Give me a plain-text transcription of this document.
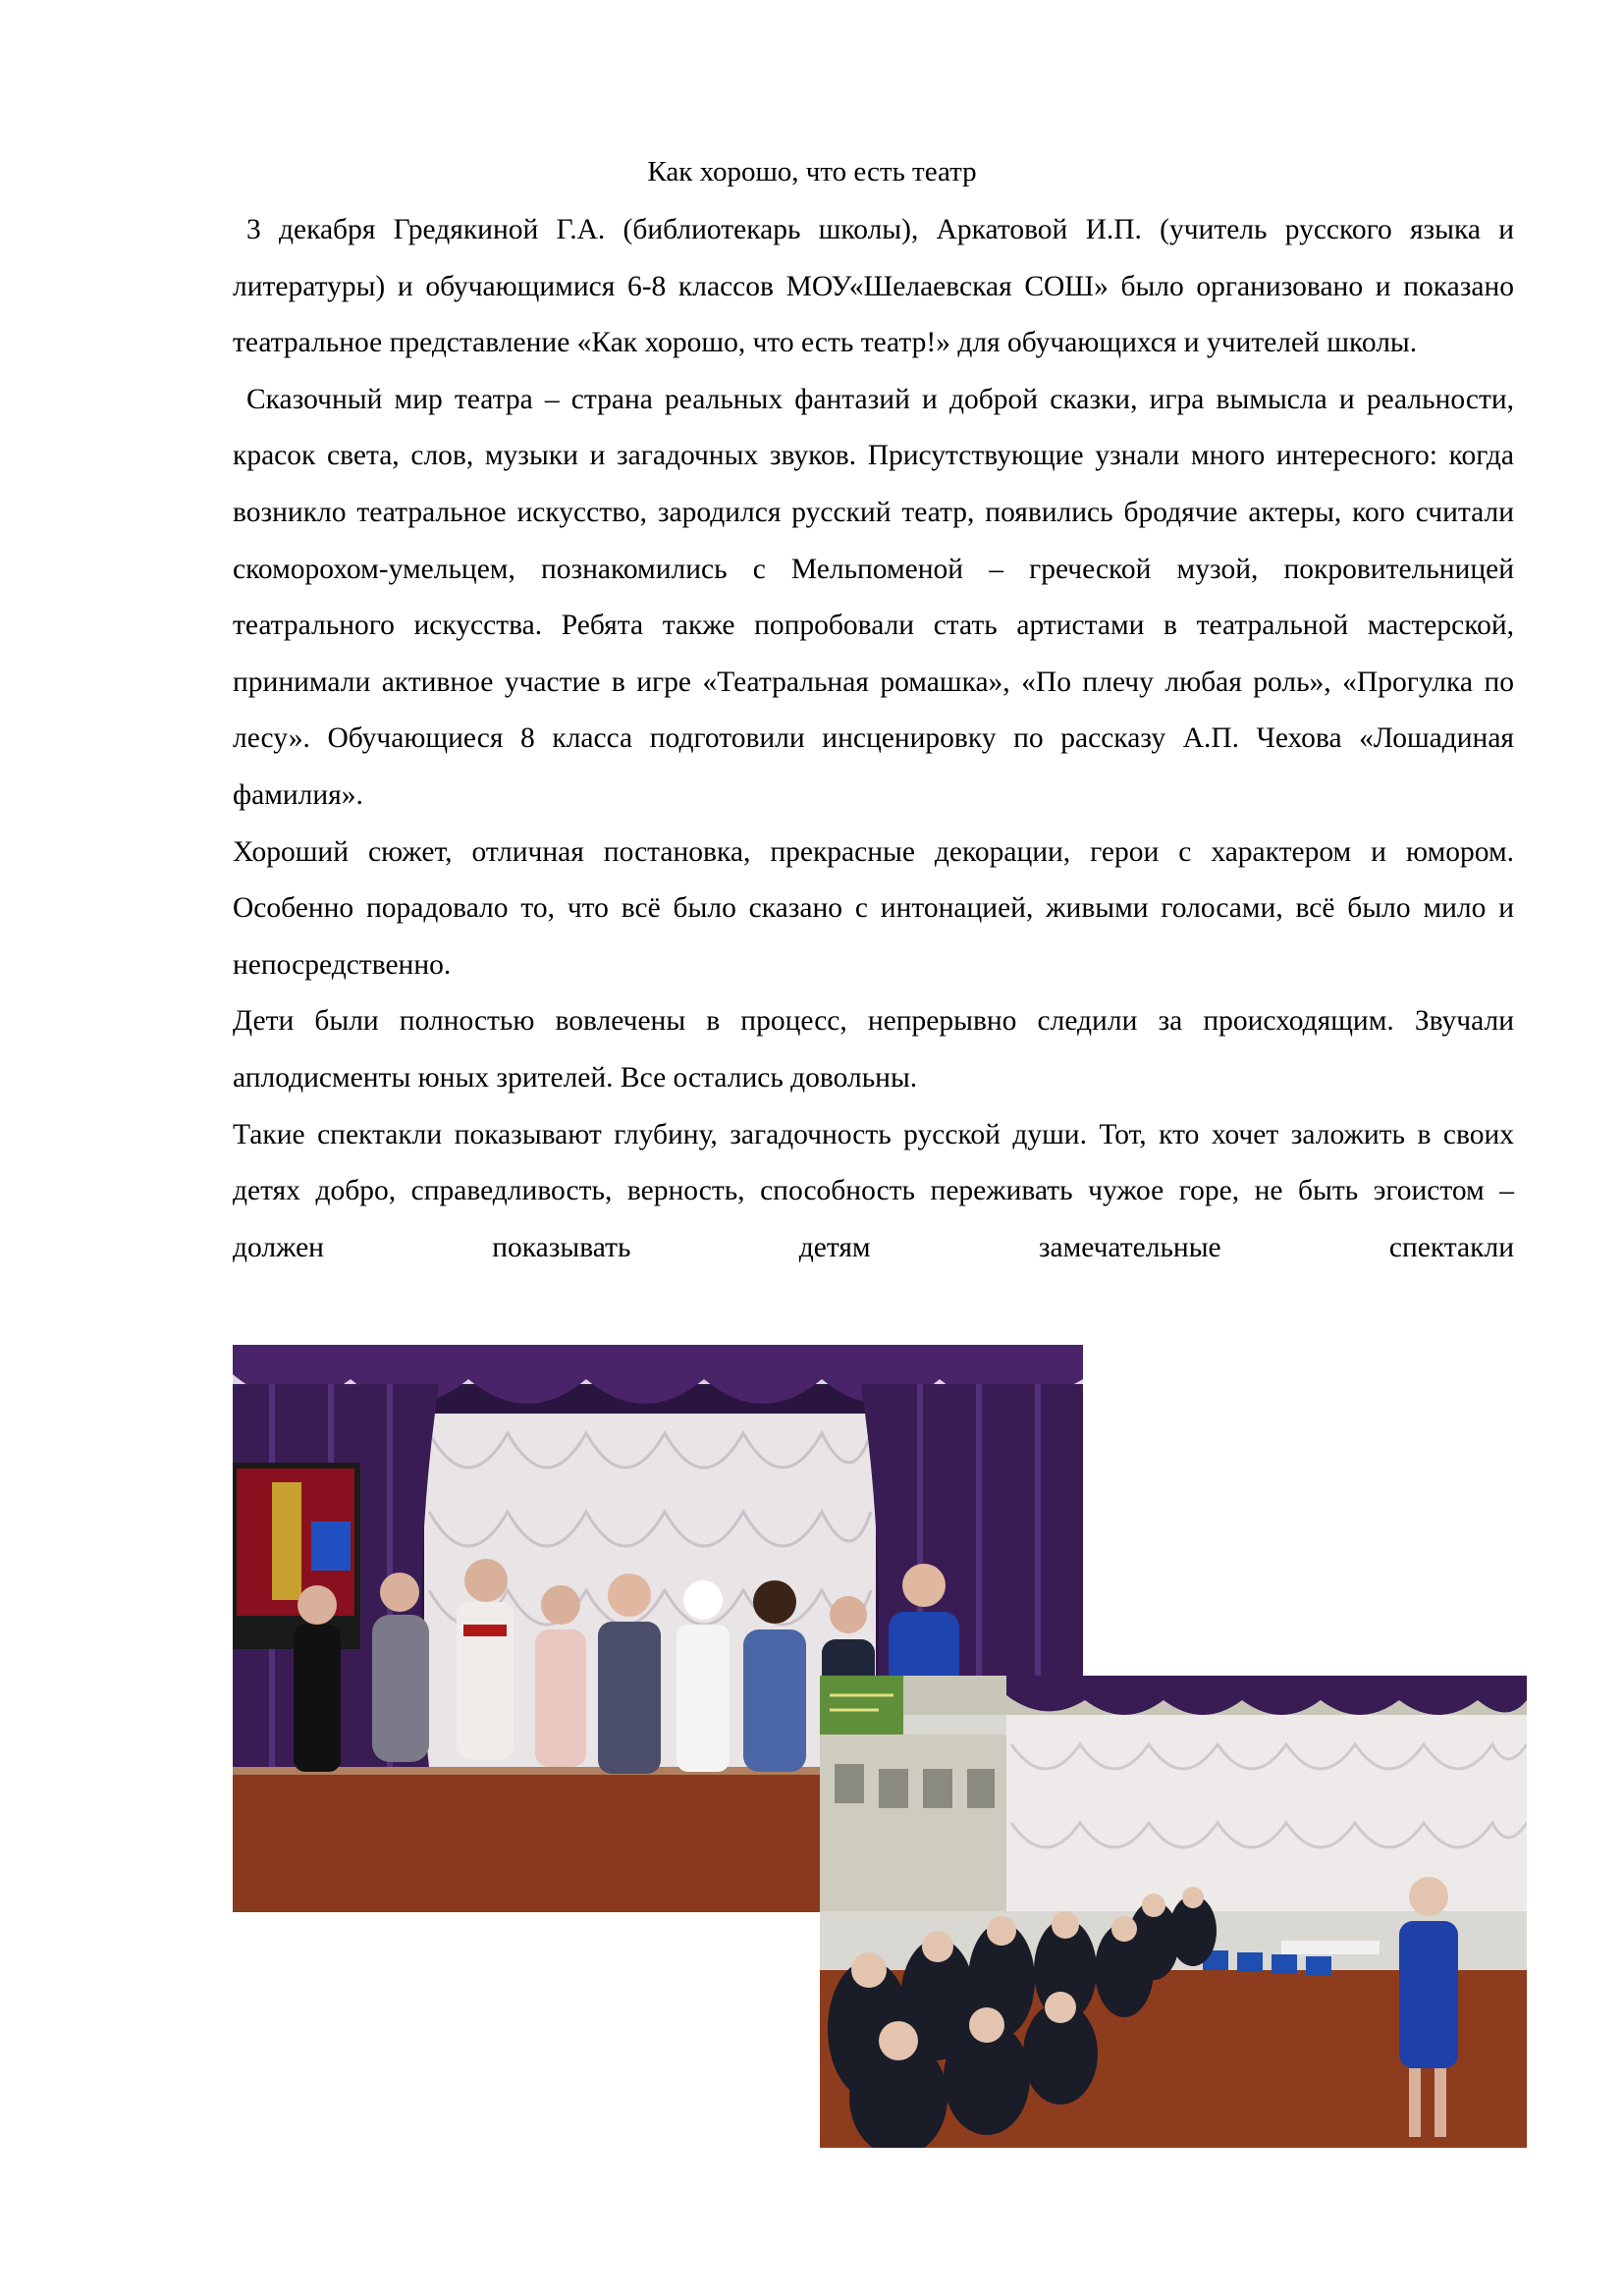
Как хорошо, что есть театр

3 декабря Гредякиной Г.А. (библиотекарь школы), Аркатовой И.П. (учитель русского языка и литературы) и обучающимися 6-8 классов МОУ«Шелаевская СОШ» было организовано и показано театральное представление «Как хорошо, что есть театр!» для обучающихся и учителей школы.

Сказочный мир театра – страна реальных фантазий и доброй сказки, игра вымысла и реальности, красок света, слов, музыки и загадочных звуков. Присутствующие узнали много интересного: когда возникло театральное искусство, зародился русский театр, появились бродячие актеры, кого считали скоморохом-умельцем, познакомились с Мельпоменой – греческой музой, покровительницей театрального искусства. Ребята также попробовали стать артистами в театральной мастерской, принимали активное участие в игре «Театральная ромашка», «По плечу любая роль», «Прогулка по лесу». Обучающиеся 8 класса подготовили инсценировку по рассказу А.П. Чехова «Лошадиная фамилия».

Хороший сюжет, отличная постановка, прекрасные декорации, герои с характером и юмором. Особенно порадовало то, что всё было сказано с интонацией, живыми голосами, всё было мило и непосредственно.

Дети были полностью вовлечены в процесс, непрерывно следили за происходящим. Звучали аплодисменты юных зрителей. Все остались довольны.

Такие спектакли показывают глубину, загадочность русской души. Тот, кто хочет заложить в своих детях добро, справедливость, верность, способность переживать чужое горе, не быть эгоистом – должен показывать детям замечательные спектакли
